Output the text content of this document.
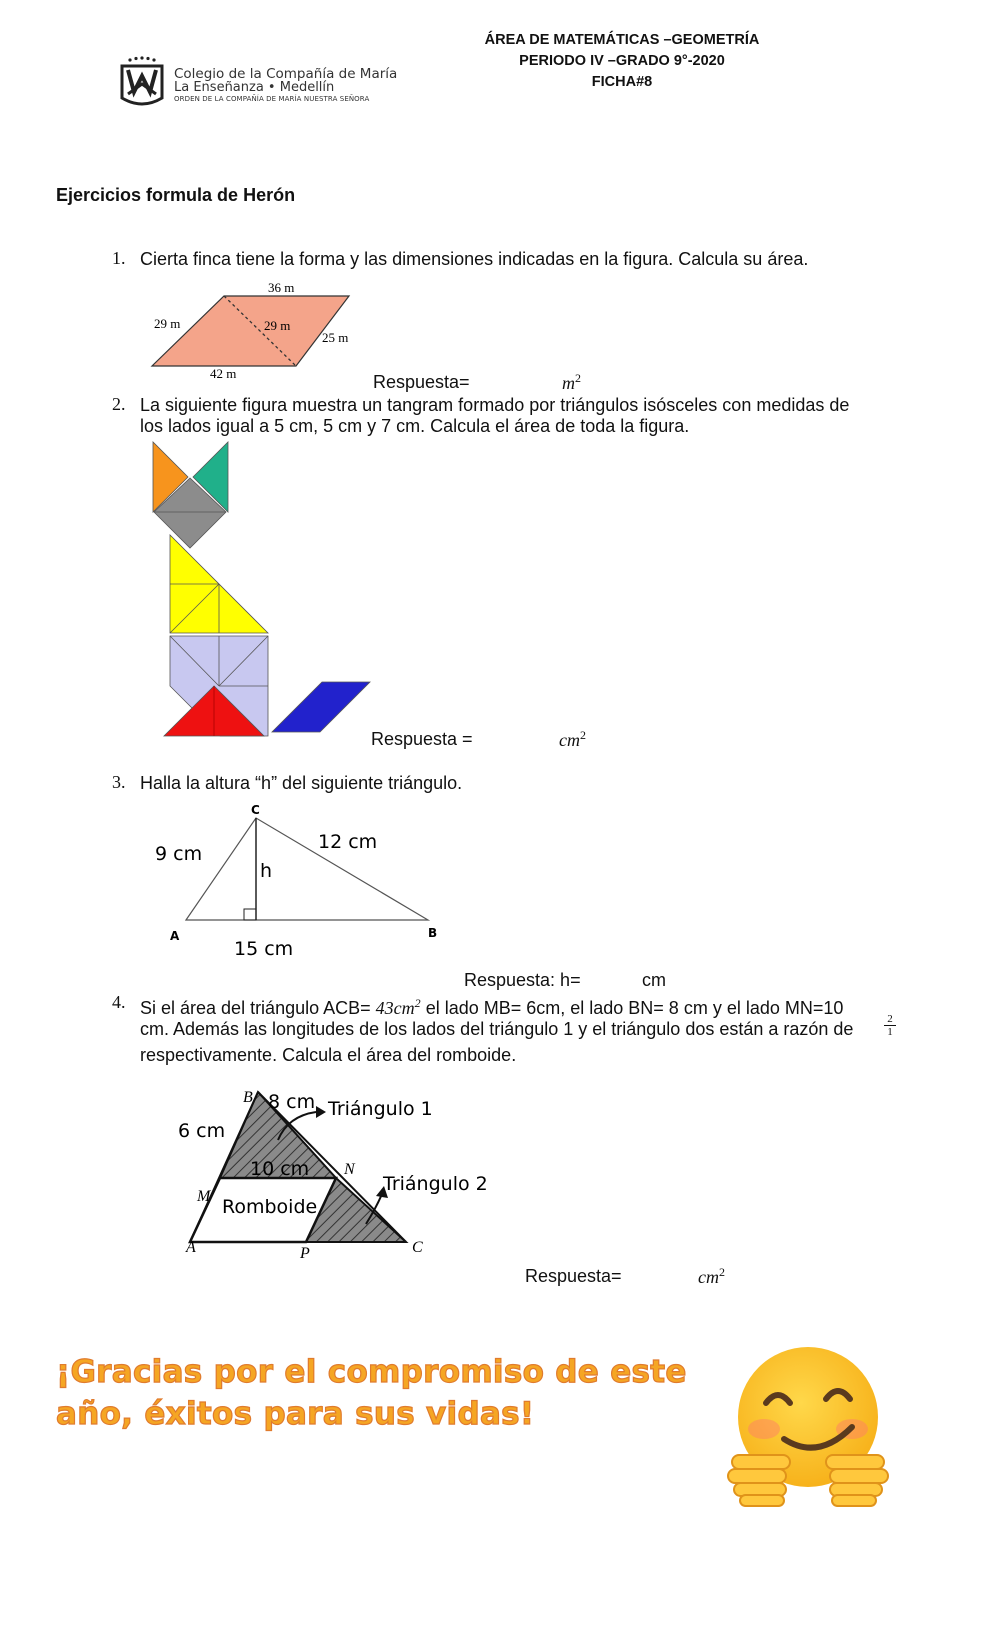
Colegio de la Compañía de María
La Enseñanza • Medellín
ORDEN DE LA COMPAÑÍA DE MARÍA NUESTRA SEÑORA
ÁREA DE MATEMÁTICAS –GEOMETRÍA
PERIODO IV –GRADO 9°-2020
FICHA#8
Ejercicios formula de Herón
1. Cierta finca tiene la forma y las dimensiones indicadas en la figura. Calcula su área.
36 m
29 m	29 m
25 m
42 m	Respuesta=	$m^2$
2. La siguiente figura muestra un tangram formado por triángulos isósceles con medidas de
los lados igual a 5 cm, 5 cm y 7 cm. Calcula el área de toda la figura.
Respuesta =	$cm^2$
3. Halla la altura “h” del siguiente triángulo.
C
A	B
9 cm
12 cm
15 cm
h
Respuesta: h=	cm
4. Si el área del triángulo $ACB= 43cm^2$ el lado MB= 6cm, el lado BN= 8 cm y el lado MN=10
cm. Además las longitudes de los lados del triángulo 1 y el triángulo dos están a razón de	$\frac{2}{1}$
respectivamente. Calcula el área del romboide.
B 8 cm
6 cm
10 cm N
M
A	P	C
Triángulo 1
Triángulo 2
Romboide
Respuesta=	$cm^2$
¡Gracias por el compromiso de este
año, éxitos para sus vidas!
